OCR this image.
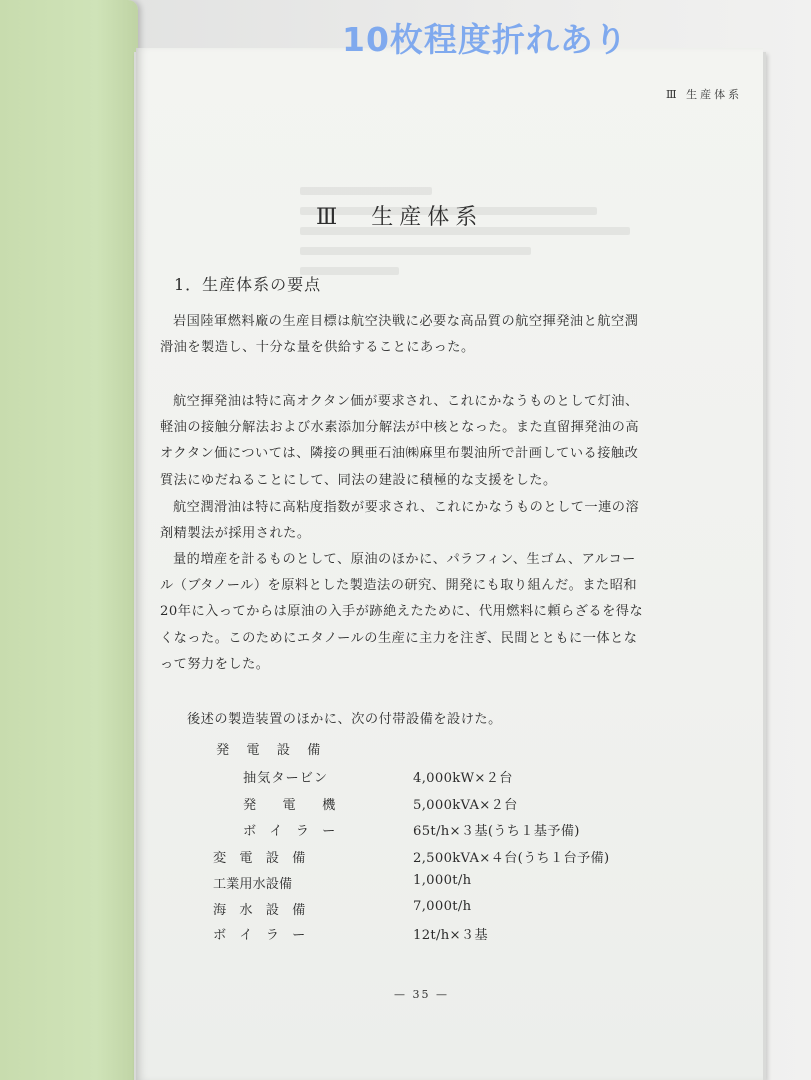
10枚程度折れあり
Ⅲ 生産体系
Ⅲ　生産体系
1．生産体系の要点
岩国陸軍燃料廠の生産目標は航空決戦に必要な高品質の航空揮発油と航空潤
滑油を製造し、十分な量を供給することにあった。
航空揮発油は特に高オクタン価が要求され、これにかなうものとして灯油、
軽油の接触分解法および水素添加分解法が中核となった。また直留揮発油の高
オクタン価については、隣接の興亜石油㈱麻里布製油所で計画している接触改
質法にゆだねることにして、同法の建設に積極的な支援をした。
航空潤滑油は特に高粘度指数が要求され、これにかなうものとして一連の溶
剤精製法が採用された。
量的増産を計るものとして、原油のほかに、パラフィン、生ゴム、アルコー
ル（ブタノール）を原料とした製造法の研究、開発にも取り組んだ。また昭和
20年に入ってからは原油の入手が跡絶えたために、代用燃料に頼らざるを得な
くなった。このためにエタノールの生産に主力を注ぎ、民間とともに一体とな
って努力をした。
後述の製造装置のほかに、次の付帯設備を設けた。
発　電　設　備
抽気タービン	4,000kW×２台
発　　電　　機	5,000kVA×２台
ボ　イ　ラ　ー	65t/h×３基(うち１基予備)
変　電　設　備	2,500kVA×４台(うち１台予備)
工業用水設備	1,000t/h
海　水　設　備	7,000t/h
ボ　イ　ラ　ー	12t/h×３基
— 35 —
